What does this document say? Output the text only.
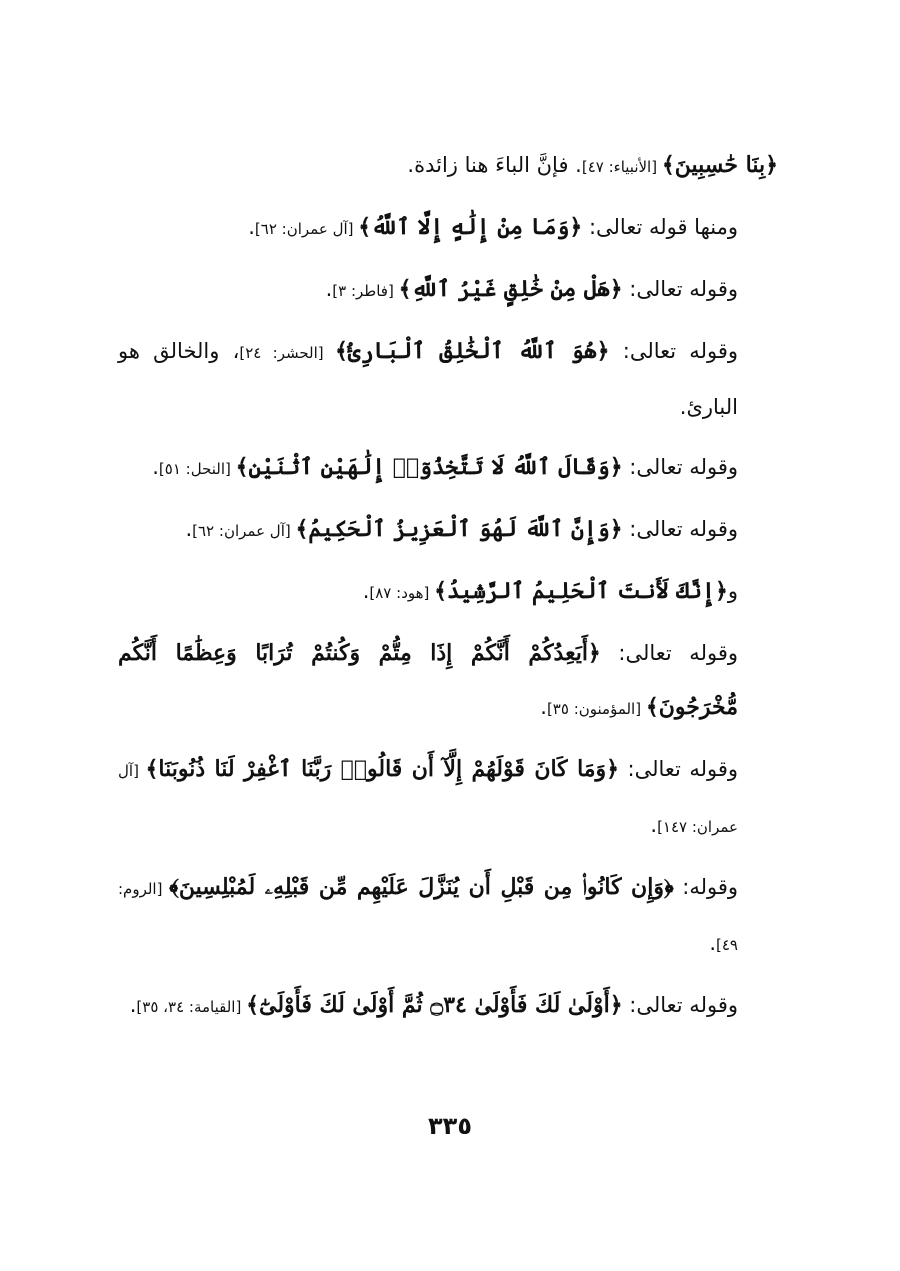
﴿بِنَا حَٰسِبِينَ﴾ [الأنبياء: ٤٧]. فإنَّ الباءَ هنا زائدة.

ومنها قوله تعالى: ﴿وَمَا مِنْ إِلَٰهٍ إِلَّا ٱللَّهُ﴾ [آل عمران: ٦٢].

وقوله تعالى: ﴿هَلْ مِنْ خَٰلِقٍ غَيْرُ ٱللَّهِ﴾ [فاطر: ٣].

وقوله تعالى: ﴿هُوَ ٱللَّهُ ٱلْخَٰلِقُ ٱلْبَارِئُ﴾ [الحشر: ٢٤]، والخالق هو البارئ.

وقوله تعالى: ﴿وَقَالَ ٱللَّهُ لَا تَتَّخِذُوٓا۟ إِلَٰهَيْنِ ٱثْنَيْنِ﴾ [النحل: ٥١].

وقوله تعالى: ﴿وَإِنَّ ٱللَّهَ لَهُوَ ٱلْعَزِيزُ ٱلْحَكِيمُ﴾ [آل عمران: ٦٢].

و﴿إِنَّكَ لَأَنتَ ٱلْحَلِيمُ ٱلرَّشِيدُ﴾ [هود: ٨٧].

وقوله تعالى: ﴿أَيَعِدُكُمْ أَنَّكُمْ إِذَا مِتُّمْ وَكُنتُمْ تُرَابًا وَعِظَٰمًا أَنَّكُم مُّخْرَجُونَ﴾ [المؤمنون: ٣٥].

وقوله تعالى: ﴿وَمَا كَانَ قَوْلَهُمْ إِلَّآ أَن قَالُوا۟ رَبَّنَا ٱغْفِرْ لَنَا ذُنُوبَنَا﴾ [آل عمران: ١٤٧].

وقوله: ﴿وَإِن كَانُوا۟ مِن قَبْلِ أَن يُنَزَّلَ عَلَيْهِم مِّن قَبْلِهِۦ لَمُبْلِسِينَ﴾ [الروم: ٤٩].

وقوله تعالى: ﴿أَوْلَىٰ لَكَ فَأَوْلَىٰ ۝٣٤ ثُمَّ أَوْلَىٰ لَكَ فَأَوْلَىٰٓ﴾ [القيامة: ٣٤، ٣٥].

٣٣٥
